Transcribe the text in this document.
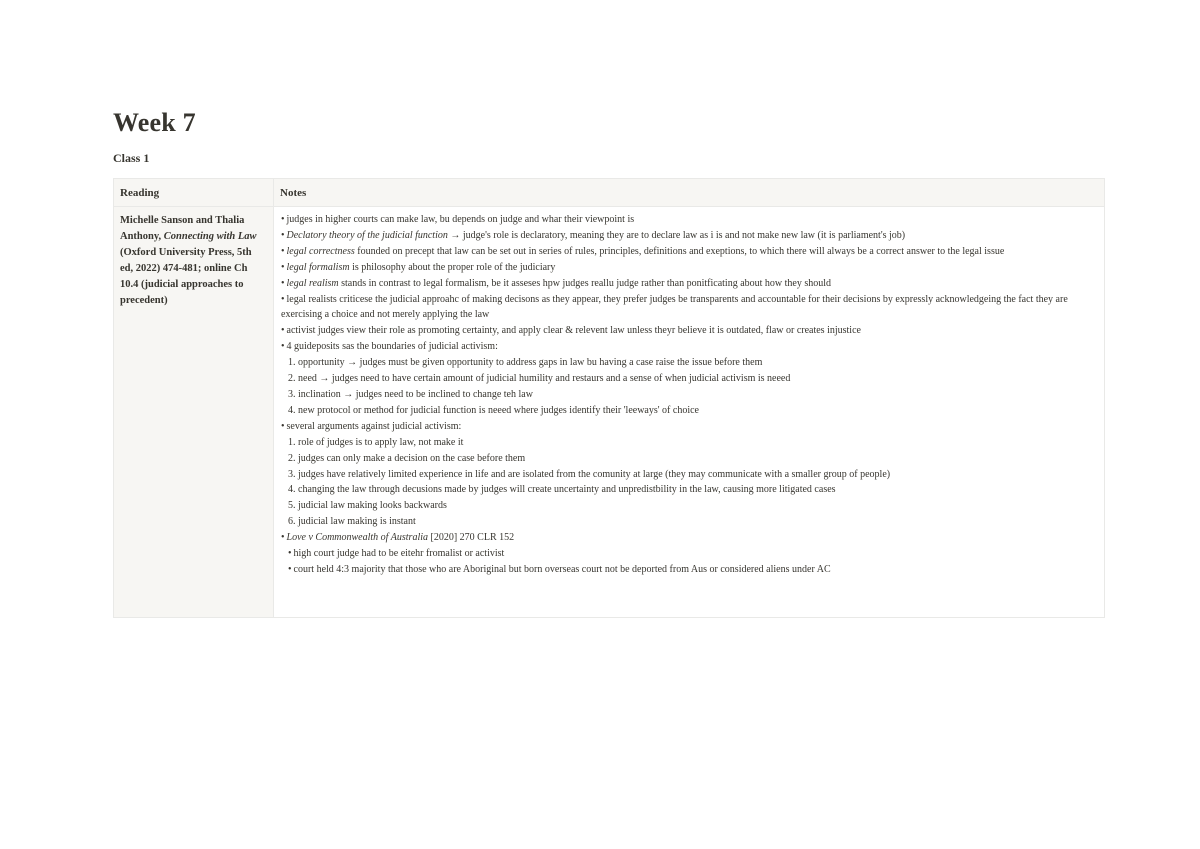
Week 7
Class 1
Reading	Notes
Michelle Sanson and Thalia Anthony, Connecting with Law (Oxford University Press, 5th ed, 2022) 474-481; online Ch 10.4 (judicial approaches to precedent)

• judges in higher courts can make law, bu depends on judge and whar their viewpoint is

• Declatory theory of the judicial function → judge's role is declaratory, meaning they are to declare law as i is and not make new law (it is parliament's job)

• legal correctness founded on precept that law can be set out in series of rules, principles, definitions and exeptions, to which there will always be a correct answer to the legal issue

• legal formalism is philosophy about the proper role of the judiciary

• legal realism stands in contrast to legal formalism, be it asseses hpw judges reallu judge rather than ponitficating about how they should

• legal realists criticese the judicial approahc of making decisons as they appear, they prefer judges be transparents and accountable for their decisions by expressly acknowledgeing the fact they are exercising a choice and not merely applying the law

• activist judges view their role as promoting certainty, and apply clear & relevent law unless theyr believe it is outdated, flaw or creates injustice

• 4 guideposits sas the boundaries of judicial activism:

1. opportunity → judges must be given opportunity to address gaps in law bu having a case raise the issue before them

2. need → judges need to have certain amount of judicial humility and restaurs and a sense of when judicial activism is neeed

3. inclination → judges need to be inclined to change teh law

4. new protocol or method for judicial function is neeed where judges identify their 'leeways' of choice

• several arguments against judicial activism:

1. role of judges is to apply law, not make it

2. judges can only make a decision on the case before them

3. judges have relatively limited experience in life and are isolated from the comunity at large (they may communicate with a smaller group of people)

4. changing the law through decusions made by judges will create uncertainty and unpredistbility in the law, causing more litigated cases

5. judicial law making looks backwards

6. judicial law making is instant

• Love v Commonwealth of Australia [2020] 270 CLR 152

• high court judge had to be eitehr fromalist or activist

• court held 4:3 majority that those who are Aboriginal but born overseas court not be deported from Aus or considered aliens under AC
